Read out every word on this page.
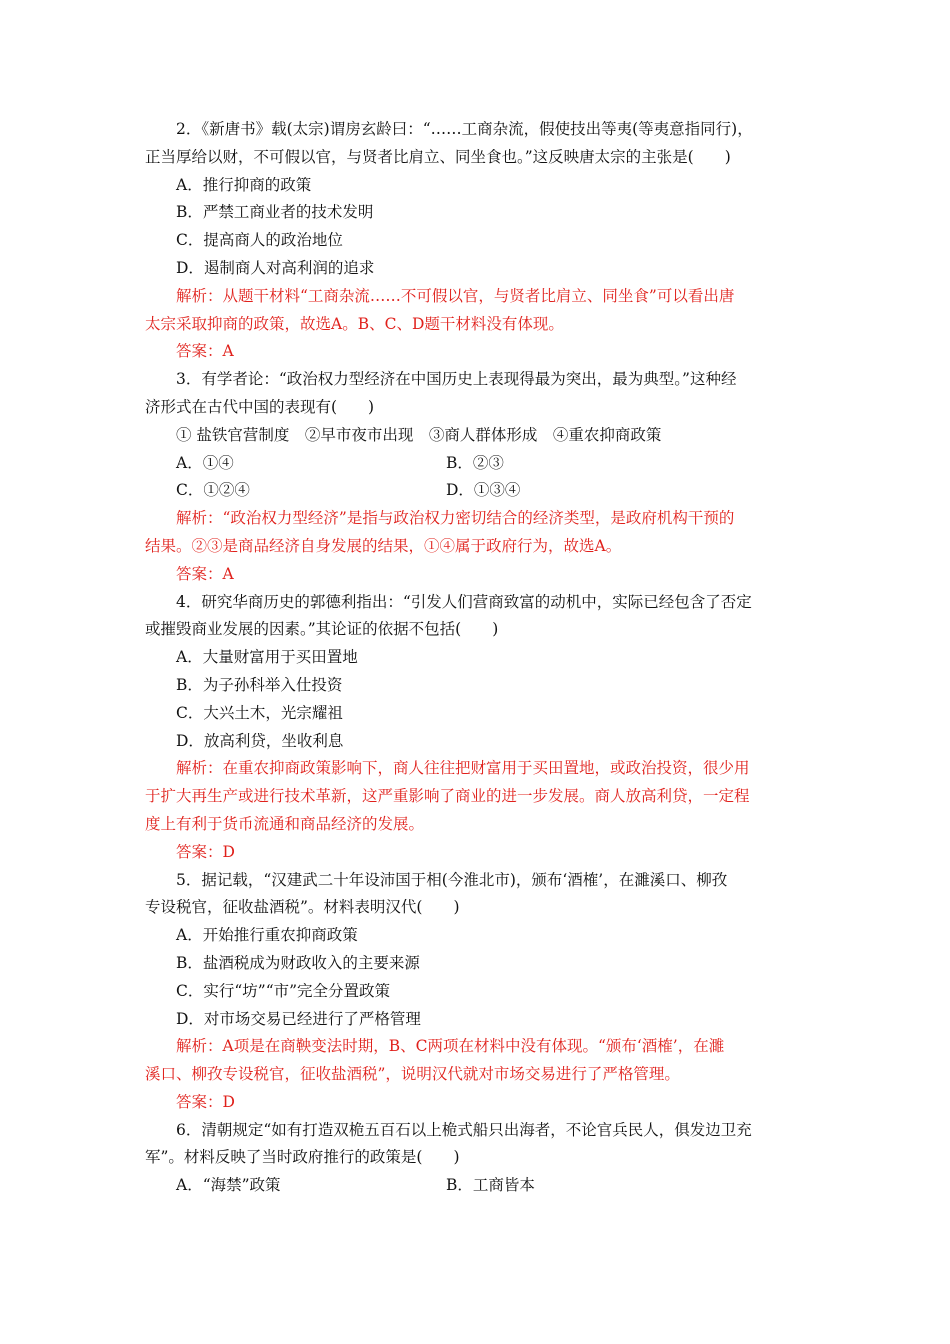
2．《新唐书》载(太宗)谓房玄龄曰：“……工商杂流，假使技出等夷(等夷意指同行)，
正当厚给以财，不可假以官，与贤者比肩立、同坐食也。”这反映唐太宗的主张是(　　)
A．推行抑商的政策
B．严禁工商业者的技术发明
C．提高商人的政治地位
D．遏制商人对高利润的追求
解析：从题干材料“工商杂流……不可假以官，与贤者比肩立、同坐食”可以看出唐
太宗采取抑商的政策，故选A。B、C、D题干材料没有体现。
答案：A
3．有学者论：“政治权力型经济在中国历史上表现得最为突出，最为典型。”这种经
济形式在古代中国的表现有(　　)
① 盐铁官营制度　②早市夜市出现　③商人群体形成　④重农抑商政策
A．①④	B．②③
C．①②④	D．①③④
解析：“政治权力型经济”是指与政治权力密切结合的经济类型，是政府机构干预的
结果。②③是商品经济自身发展的结果，①④属于政府行为，故选A。
答案：A
4．研究华商历史的郭德利指出：“引发人们营商致富的动机中，实际已经包含了否定
或摧毁商业发展的因素。”其论证的依据不包括(　　)
A．大量财富用于买田置地
B．为子孙科举入仕投资
C．大兴土木，光宗耀祖
D．放高利贷，坐收利息
解析：在重农抑商政策影响下，商人往往把财富用于买田置地，或政治投资，很少用
于扩大再生产或进行技术革新，这严重影响了商业的进一步发展。商人放高利贷，一定程
度上有利于货币流通和商品经济的发展。
答案：D
5．据记载，“汉建武二十年设沛国于相(今淮北市)，颁布‘酒榷’，在濉溪口、柳孜
专设税官，征收盐酒税”。材料表明汉代(　　)
A．开始推行重农抑商政策
B．盐酒税成为财政收入的主要来源
C．实行“坊”“市”完全分置政策
D．对市场交易已经进行了严格管理
解析：A项是在商鞅变法时期，B、C两项在材料中没有体现。“颁布‘酒榷’，在濉
溪口、柳孜专设税官，征收盐酒税”，说明汉代就对市场交易进行了严格管理。
答案：D
6．清朝规定“如有打造双桅五百石以上桅式船只出海者，不论官兵民人，俱发边卫充
军”。材料反映了当时政府推行的政策是(　　)
A．“海禁”政策	B．工商皆本
